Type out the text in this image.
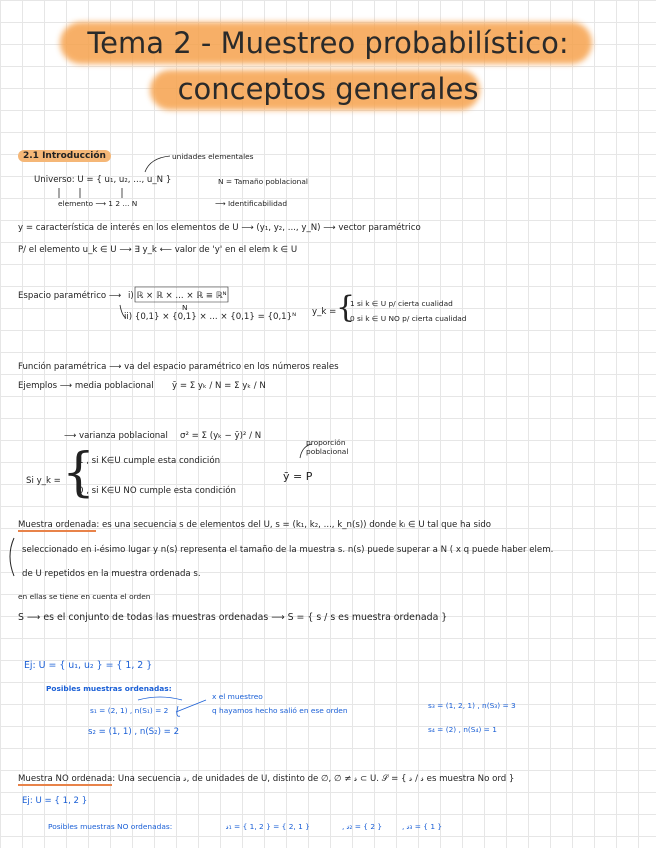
Tema 2 - Muestreo probabilístico:
conceptos generales
2.1 Introducción	unidades elementales
Universo: U = { u₁, u₂, ..., u_N }	N = Tamaño poblacional
elemento ⟶ 1 2 ... N	⟶ Identificabilidad
y = característica de interés en los elementos de U ⟶ (y₁, y₂, ..., y_N) ⟶ vector paramétrico
P/ el elemento u_k ∈ U ⟶ ∃ y_k ⟵ valor de 'y' en el elem k ∈ U
Espacio paramétrico ⟶ i) ℝ × ℝ × ... × ℝ ≡ ℝᴺ
N
ii) {0,1} × {0,1} × ... × {0,1} = {0,1}ᴺ y_k = {
1 si k ∈ U p/ cierta cualidad
0 si k ∈ U NO p/ cierta cualidad
Función paramétrica ⟶ va del espacio paramétrico en los números reales
Ejemplos ⟶ media poblacional ȳ = Σ yₖ / N = Σ yₖ / N
⟶ varianza poblacional σ² = Σ (yₖ − ȳ)² / N
Si y_k = {
1 , si K∈U cumple esta condición
0 , si K∈U NO cumple esta condición
proporción poblacional
ȳ = P
Muestra ordenada: es una secuencia s de elementos del U, s = (k₁, k₂, ..., k_n(s)) donde kᵢ ∈ U tal que ha sido
seleccionado en i-ésimo lugar y n(s) representa el tamaño de la muestra s. n(s) puede superar a N ( x q puede haber elem.
de U repetidos en la muestra ordenada s.
en ellas se tiene en cuenta el orden
S ⟶ es el conjunto de todas las muestras ordenadas ⟶ S = { s / s es muestra ordenada }
Ej: U = { u₁, u₂ } = { 1, 2 }
Posibles muestras ordenadas:
s₁ = (2, 1) , n(S₁) = 2
x el muestreo
q hayamos hecho salió en ese orden
s₂ = (1, 1) , n(S₂) = 2
s₃ = (1, 2, 1) , n(S₃) = 3
s₄ = (2) , n(S₄) = 1
Muestra NO ordenada: Una secuencia 𝓈, de unidades de U, distinto de ∅, ∅ ≠ 𝓈 ⊂ U. 𝒮 = { 𝓈 / 𝓈 es muestra No ord }
Ej: U = { 1, 2 }
Posibles muestras NO ordenadas:	𝓈₁ = { 1, 2 } = { 2, 1 }	, 𝓈₂ = { 2 }	, 𝓈₃ = { 1 }
